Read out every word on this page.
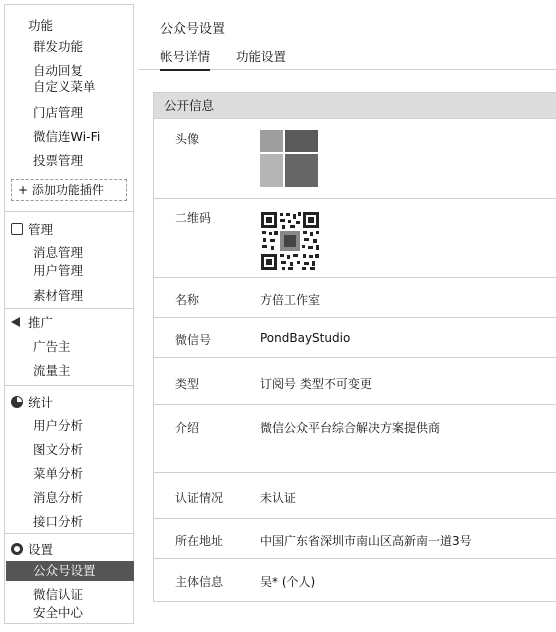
功能
群发功能
自动回复
自定义菜单
门店管理
微信连Wi-Fi
投票管理
+ 添加功能插件
管理
消息管理
用户管理
素材管理
推广
广告主
流量主
统计
用户分析
图文分析
菜单分析
消息分析
接口分析
设置
公众号设置
微信认证
安全中心
公众号设置
帐号详情 功能设置
公开信息
头像
二维码
名称	方倍工作室
微信号	PondBayStudio
类型	订阅号 类型不可变更
介绍	微信公众平台综合解决方案提供商
认证情况	未认证
所在地址	中国广东省深圳市南山区高新南一道3号
主体信息	吴* (个人)
